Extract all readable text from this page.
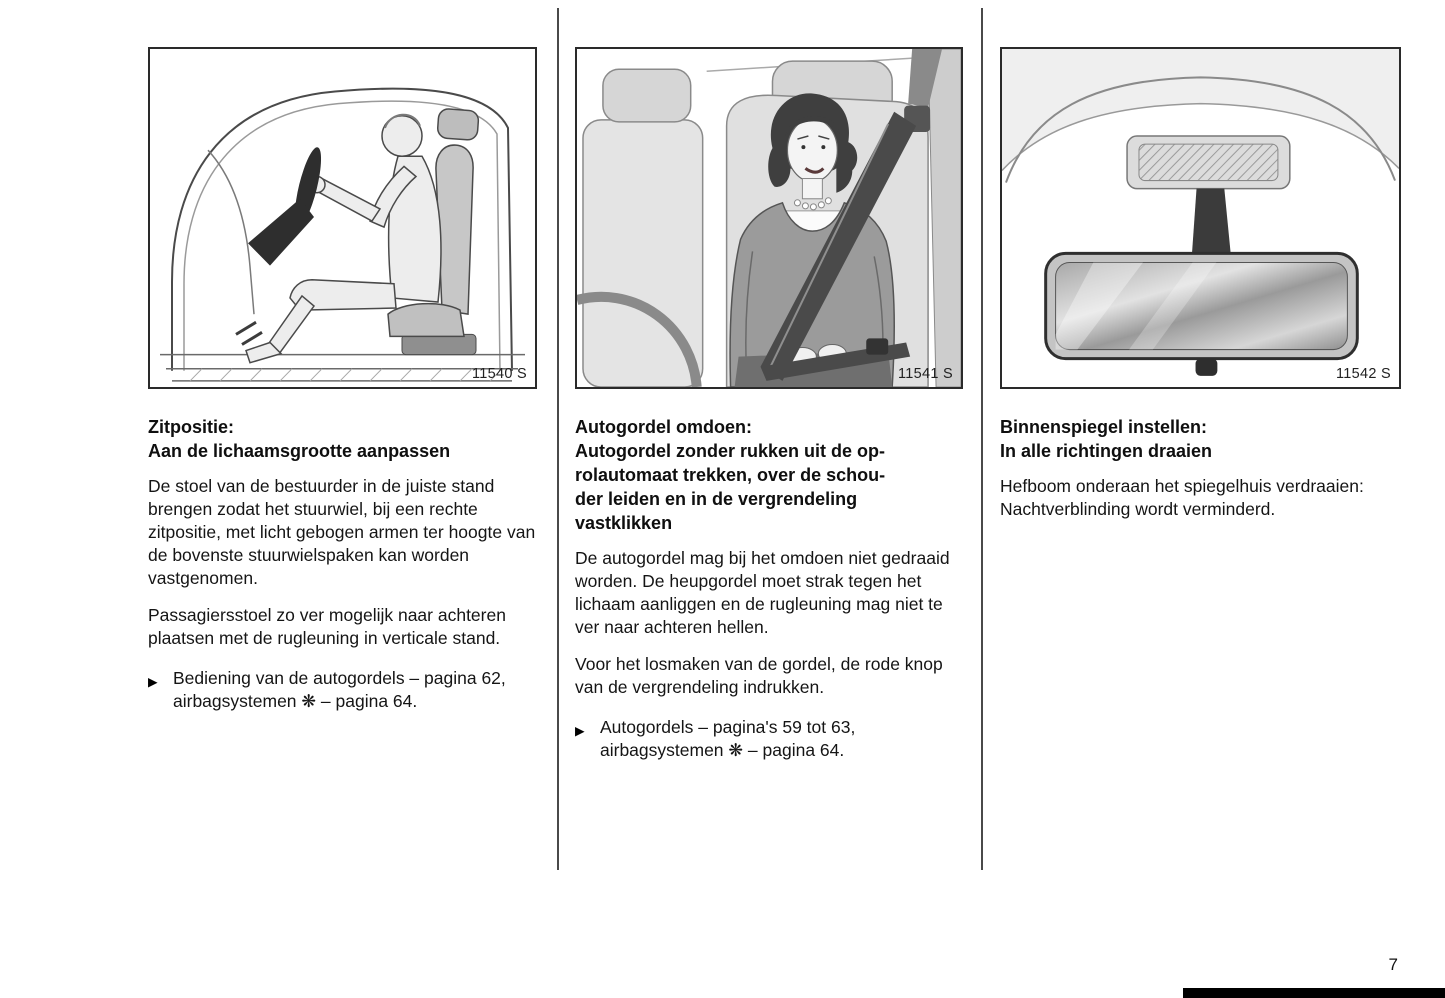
11540 S
Zitpositie:
Aan de lichaamsgrootte aanpassen

De stoel van de bestuurder in de juiste stand brengen zodat het stuurwiel, bij een rechte zitpositie, met licht gebogen armen ter hoogte van de bovenste stuurwielspaken kan worden vastgenomen.

Passagiersstoel zo ver mogelijk naar achteren plaatsen met de rugleuning in verticale stand.

▶ Bediening van de autogordels – pagina 62, airbagsystemen ❋ – pagina 64.
11541 S
Autogordel omdoen:
Autogordel zonder rukken uit de op-
rolautomaat trekken, over de schou-
der leiden en in de vergrendeling
vastklikken

De autogordel mag bij het omdoen niet gedraaid worden. De heupgordel moet strak tegen het lichaam aanliggen en de rugleuning mag niet te ver naar achteren hellen.

Voor het losmaken van de gordel, de rode knop van de vergrendeling indrukken.

▶ Autogordels – pagina's 59 tot 63, airbagsystemen ❋ – pagina 64.
11542 S
Binnenspiegel instellen:
In alle richtingen draaien

Hefboom onderaan het spiegelhuis verdraaien: Nachtverblinding wordt verminderd.

7
